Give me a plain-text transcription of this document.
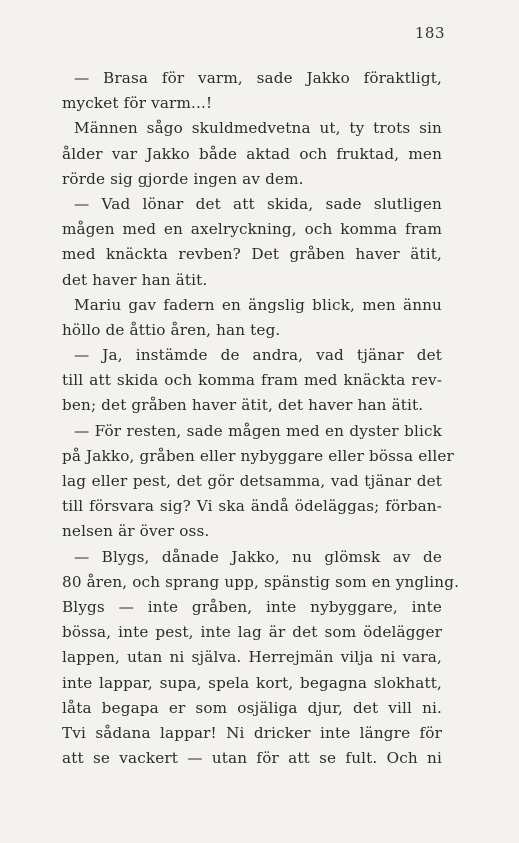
183
— Brasa för varm, sade Jakko föraktligt,
mycket för varm...!
Männen sågo skuldmedvetna ut, ty trots sin
ålder var Jakko både aktad och fruktad, men
rörde sig gjorde ingen av dem.
— Vad lönar det att skida, sade slutligen
mågen med en axelryckning, och komma fram
med knäckta revben? Det gråben haver ätit,
det haver han ätit.
Mariu gav fadern en ängslig blick, men ännu
höllo de åttio åren, han teg.
— Ja, instämde de andra, vad tjänar det
till att skida och komma fram med knäckta rev-
ben; det gråben haver ätit, det haver han ätit.
— För resten, sade mågen med en dyster blick
på Jakko, gråben eller nybyggare eller bössa eller
lag eller pest, det gör detsamma, vad tjänar det
till försvara sig? Vi ska ändå ödeläggas; förban-
nelsen är över oss.
— Blygs, dånade Jakko, nu glömsk av de
80 åren, och sprang upp, spänstig som en yngling.
Blygs — inte gråben, inte nybyggare, inte
bössa, inte pest, inte lag är det som ödelägger
lappen, utan ni själva. Herrejmän vilja ni vara,
inte lappar, supa, spela kort, begagna slokhatt,
låta begapa er som osjäliga djur, det vill ni.
Tvi sådana lappar! Ni dricker inte längre för
att se vackert — utan för att se fult. Och ni
